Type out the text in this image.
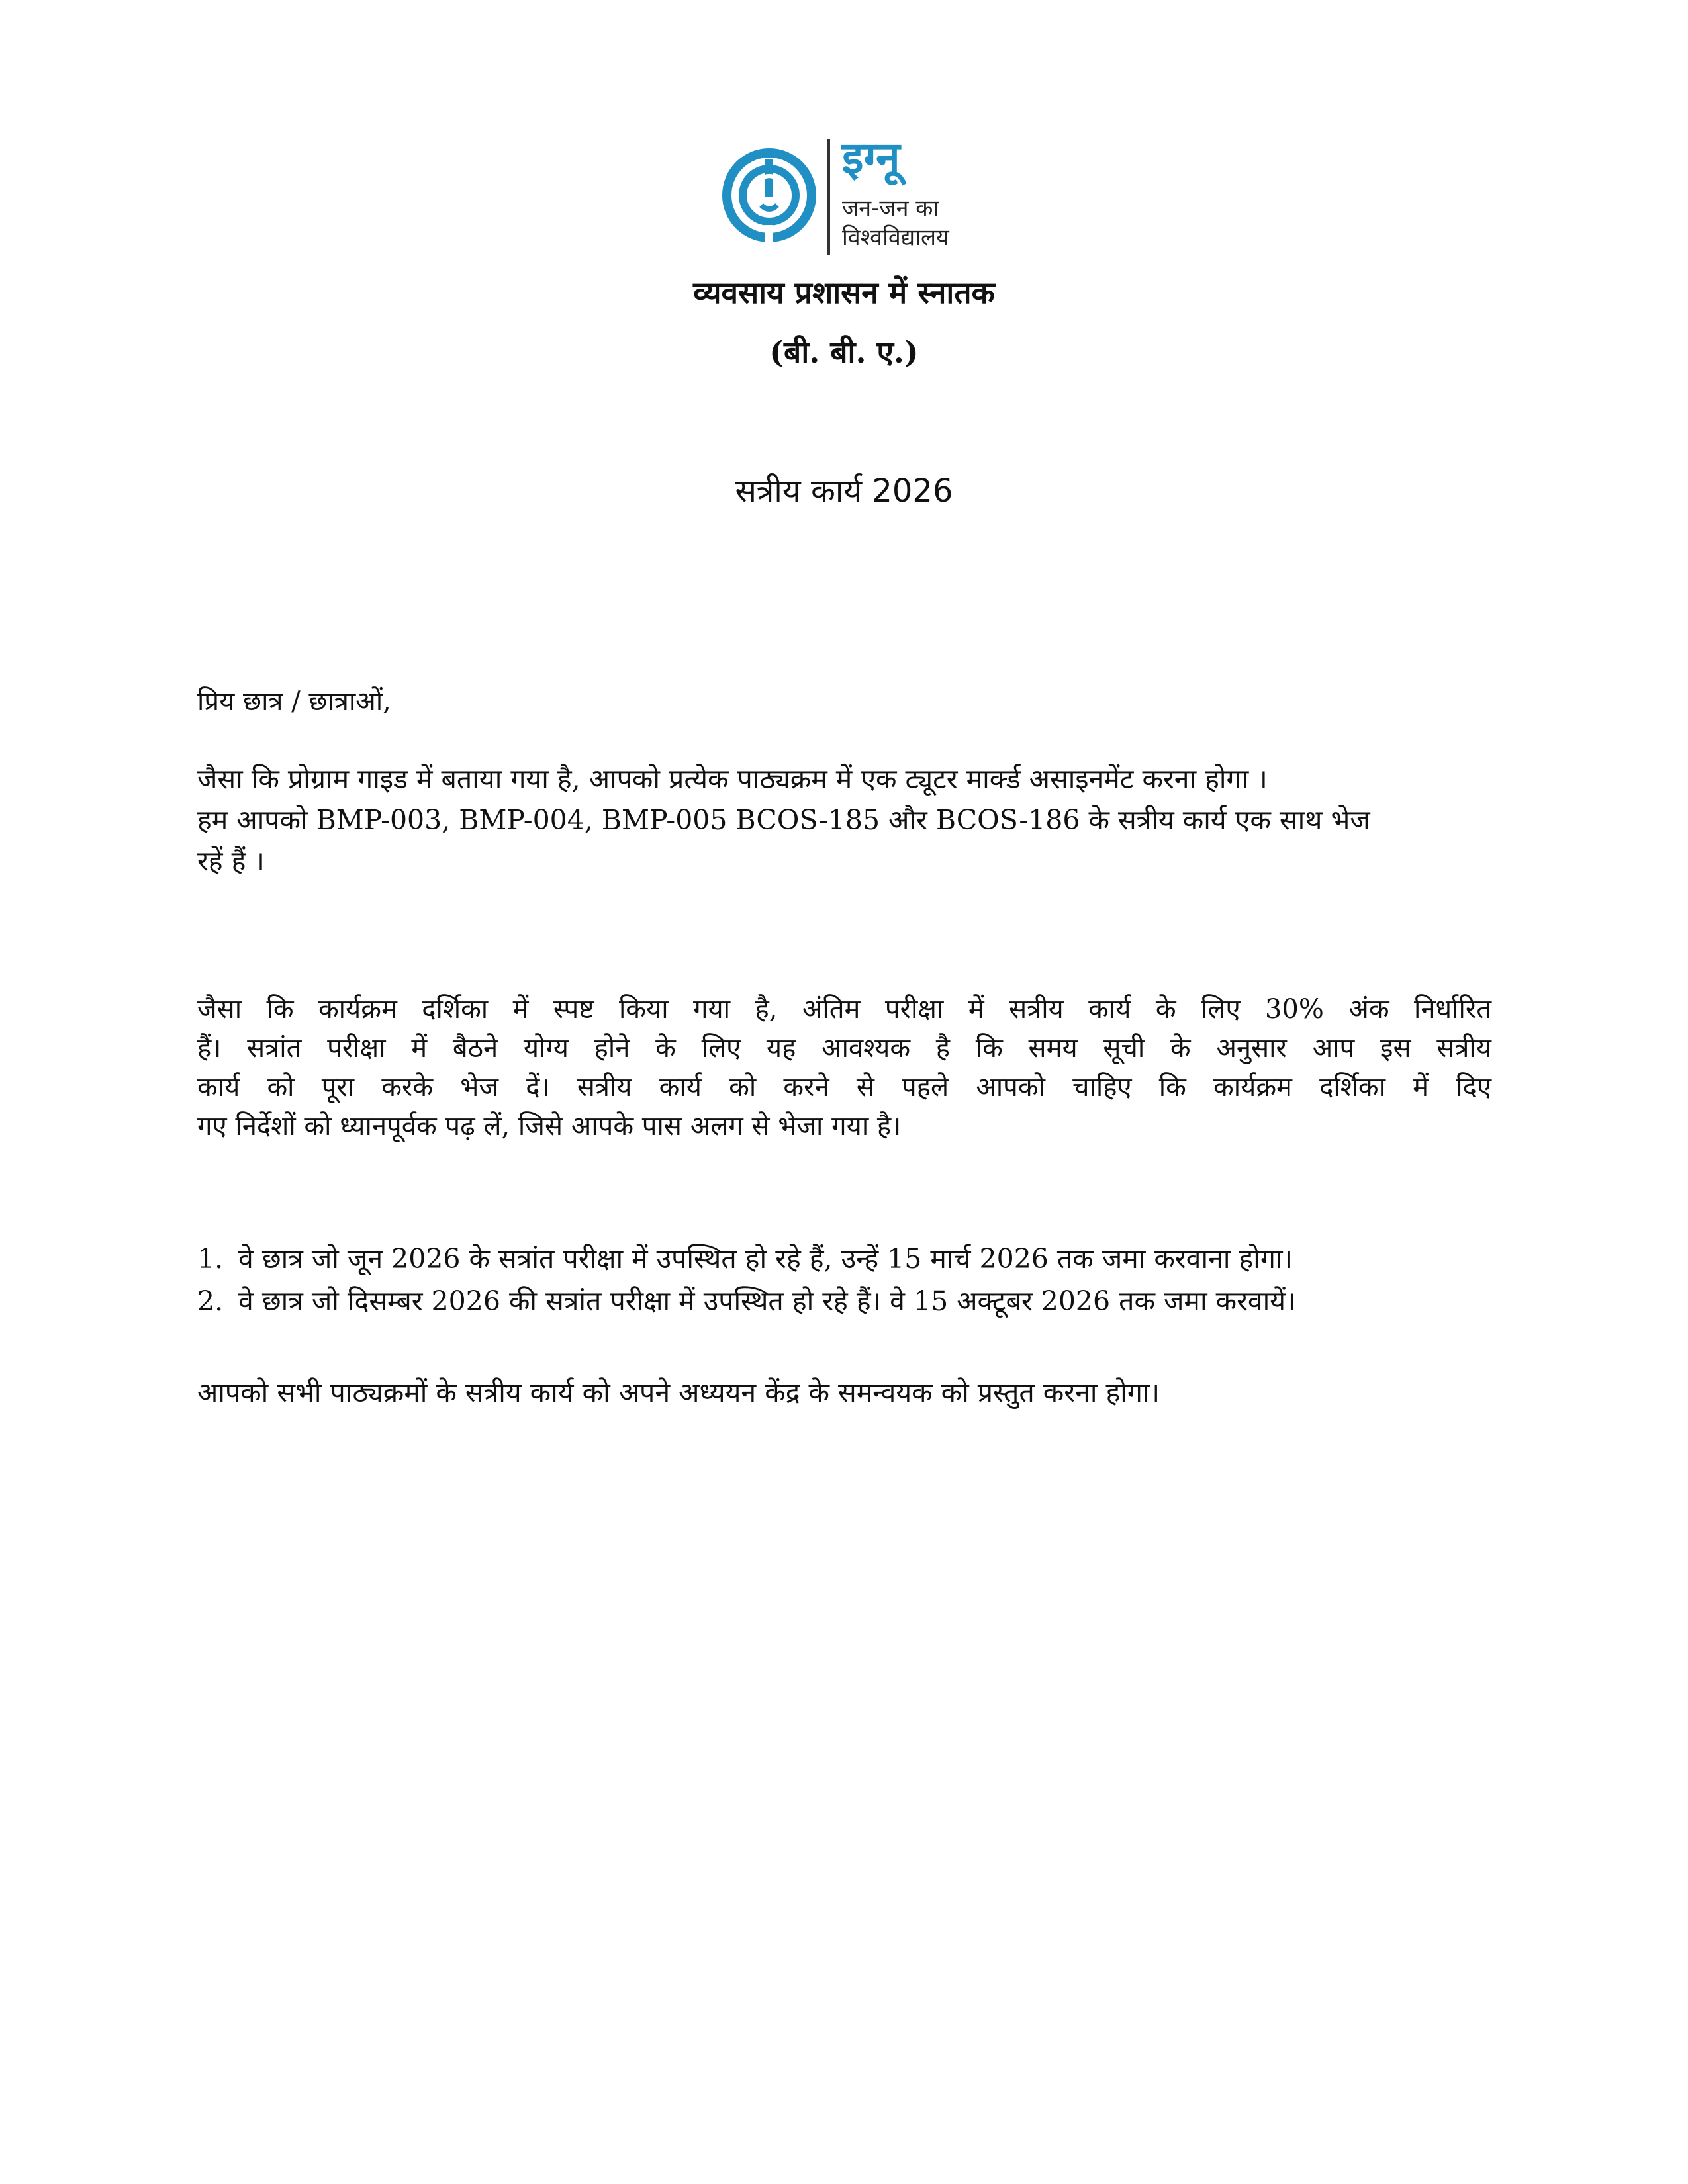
इग्नू
जन-जन का
विश्वविद्यालय
व्यवसाय प्रशासन में स्नातक
(बी. बी. ए.)
सत्रीय कार्य 2026
प्रिय छात्र / छात्राओं,
जैसा कि प्रोग्राम गाइड में बताया गया है, आपको प्रत्येक पाठ्यक्रम में एक ट्यूटर मार्क्ड असाइनमेंट करना होगा ।
हम आपको BMP-003, BMP-004, BMP-005 BCOS-185 और BCOS-186 के सत्रीय कार्य एक साथ भेज
रहें हैं ।
जैसा कि कार्यक्रम दर्शिका में स्पष्ट किया गया है, अंतिम परीक्षा में सत्रीय कार्य के लिए 30% अंक निर्धारित
हैं। सत्रांत परीक्षा में बैठने योग्य होने के लिए यह आवश्यक है कि समय सूची के अनुसार आप इस सत्रीय
कार्य को पूरा करके भेज दें। सत्रीय कार्य को करने से पहले आपको चाहिए कि कार्यक्रम दर्शिका में दिए
गए निर्देशों को ध्यानपूर्वक पढ़ लें, जिसे आपके पास अलग से भेजा गया है।
1. वे छात्र जो जून 2026 के सत्रांत परीक्षा में उपस्थित हो रहे हैं, उन्हें 15 मार्च 2026 तक जमा करवाना होगा।
2. वे छात्र जो दिसम्बर 2026 की सत्रांत परीक्षा में उपस्थित हो रहे हैं। वे 15 अक्टूबर 2026 तक जमा करवायें।
आपको सभी पाठ्यक्रमों के सत्रीय कार्य को अपने अध्ययन केंद्र के समन्वयक को प्रस्तुत करना होगा।
